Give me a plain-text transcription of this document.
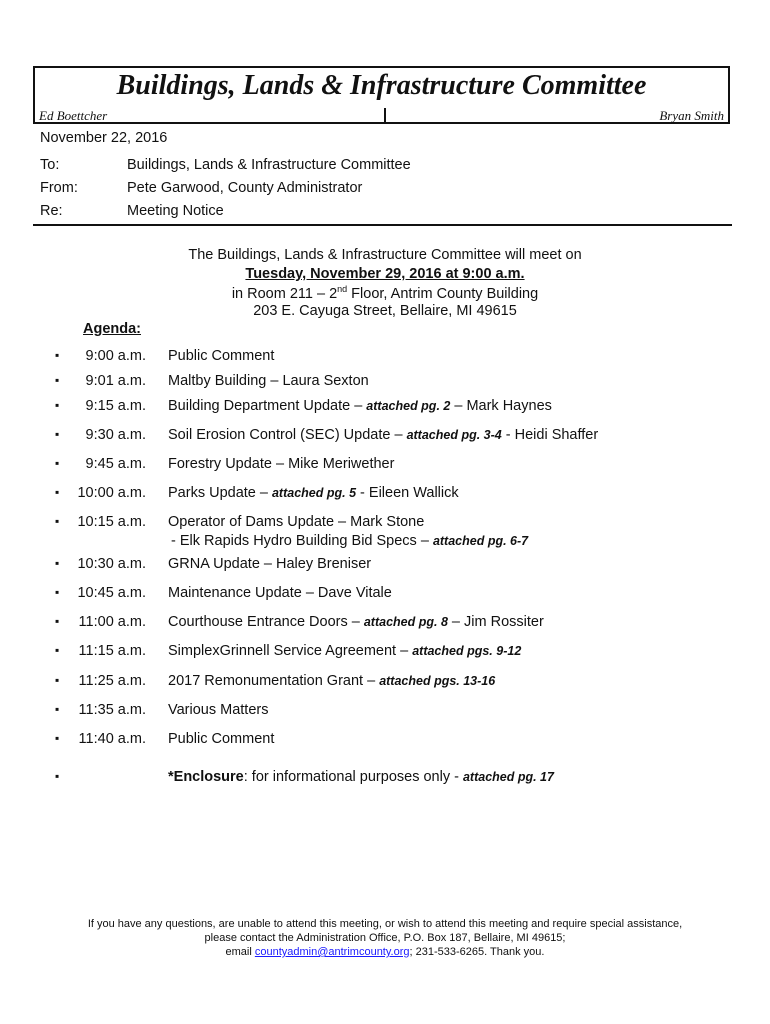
Buildings, Lands & Infrastructure Committee
Ed Boettcher	Bryan Smith
November 22, 2016
To:	Buildings, Lands & Infrastructure Committee
From:	Pete Garwood, County Administrator
Re:	Meeting Notice
The Buildings, Lands & Infrastructure Committee will meet on
Tuesday, November 29, 2016 at 9:00 a.m.
in Room 211 – 2nd Floor, Antrim County Building
203 E. Cayuga Street, Bellaire, MI 49615
Agenda:
▪	9:00 a.m. Public Comment
▪	9:01 a.m. Maltby Building – Laura Sexton
▪	9:15 a.m. Building Department Update – attached pg. 2 – Mark Haynes
▪	9:30 a.m. Soil Erosion Control (SEC) Update – attached pg. 3-4 - Heidi Shaffer
▪	9:45 a.m. Forestry Update – Mike Meriwether
▪	10:00 a.m. Parks Update – attached pg. 5 - Eileen Wallick
▪	10:15 a.m. Operator of Dams Update – Mark Stone
- Elk Rapids Hydro Building Bid Specs – attached pg. 6-7
▪	10:30 a.m. GRNA Update – Haley Breniser
▪	10:45 a.m. Maintenance Update – Dave Vitale
▪	11:00 a.m. Courthouse Entrance Doors – attached pg. 8 – Jim Rossiter
▪	11:15 a.m. SimplexGrinnell Service Agreement – attached pgs. 9-12
▪	11:25 a.m. 2017 Remonumentation Grant – attached pgs. 13-16
▪	11:35 a.m. Various Matters
▪	11:40 a.m. Public Comment
▪	*Enclosure: for informational purposes only - attached pg. 17
If you have any questions, are unable to attend this meeting, or wish to attend this meeting and require special assistance,
please contact the Administration Office, P.O. Box 187, Bellaire, MI 49615;
email countyadmin@antrimcounty.org; 231-533-6265. Thank you.
